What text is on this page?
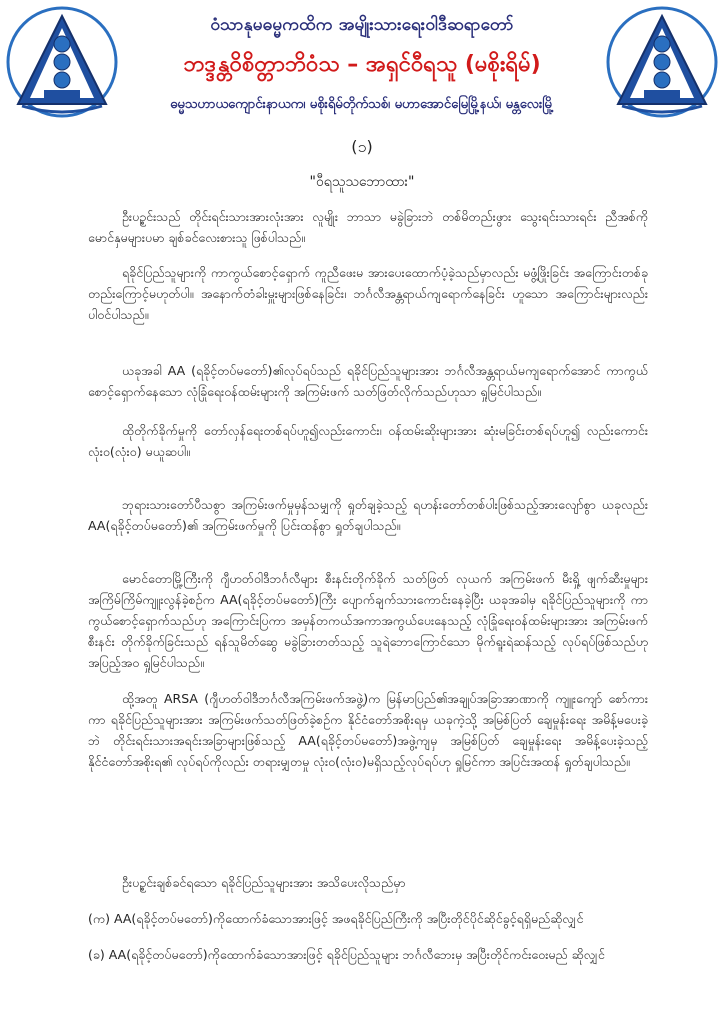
ဝံသာနုမဓမ္မကထိက အမျိုးသားရေးဝါဒီဆရာတော်
ဘဒ္ဒန္တဝိစိတ္တာဘိဝံသ – အရှင်ဝီရသူ (မစိုးရိမ်)
ဓမ္မသဟာယကျောင်းနာယက၊ မစိုးရိမ်တိုက်သစ်၊ မဟာအောင်မြေမြို့နယ်၊ မန္တလေးမြို့
(၁)
"ဝီရသူသဘောထား"
ဦးပဥ္စင်းသည် တိုင်းရင်းသားအားလုံးအား လူမျိုး ဘာသာ မခွဲခြားဘဲ တစ်မိတည်းဖွား သွေးရင်းသားရင်း ညီအစ်ကို မောင်နှမများပမာ ချစ်ခင်လေးစားသူ ဖြစ်ပါသည်။
ရခိုင်ပြည်သူများကို ကာကွယ်စောင့်ရှောက် ကူညီဖေးမ အားပေးထောက်ပံ့ခဲ့သည်မှာလည်း မဖွံ့ဖြိုးခြင်း အကြောင်းတစ်ခုတည်းကြောင့်မဟုတ်ပါ။ အနောက်တံခါးမှူးများဖြစ်နေခြင်း၊ ဘင်္ဂလီအန္တရာယ်ကျရောက်နေခြင်း ဟူသော အကြောင်းများလည်း ပါဝင်ပါသည်။
ယခုအခါ AA (ရခိုင့်တပ်မတော်)၏လုပ်ရပ်သည် ရခိုင်ပြည်သူများအား ဘင်္ဂလီအန္တရာယ်မကျရောက်အောင် ကာကွယ်စောင့်ရှောက်နေသော လုံခြုံရေးဝန်ထမ်းများကို အကြမ်းဖက် သတ်ဖြတ်လိုက်သည်ဟုသာ ရှုမြင်ပါသည်။
ထိုတိုက်ခိုက်မှုကို တော်လှန်ရေးတစ်ရပ်ဟူ၍လည်းကောင်း၊ ဝန်ထမ်းဆိုးများအား ဆုံးမခြင်းတစ်ရပ်ဟူ၍ လည်းကောင်း လုံးဝ(လုံးဝ) မယူဆပါ။
ဘုရားသားတော်ပီသစွာ အကြမ်းဖက်မှုမှန်သမျှကို ရှုတ်ချခဲ့သည့် ရဟန်းတော်တစ်ပါးဖြစ်သည့်အားလျော်စွာ ယခုလည်း AA(ရခိုင့်တပ်မတော်)၏ အကြမ်းဖက်မှုကို ပြင်းထန်စွာ ရှုတ်ချပါသည်။
မောင်တောမြို့ကြီးကို ဂျီဟတ်ဝါဒီဘင်္ဂလီများ စီးနင်းတိုက်ခိုက် သတ်ဖြတ် လုယက် အကြမ်းဖက် မီးရှို့ ဖျက်ဆီးမှုများ အကြိမ်ကြိမ်ကျူးလွန်ခဲ့စဉ်က AA(ရခိုင့်တပ်မတော်)ကြီး ပျောက်ချက်သားကောင်းနေခဲ့ပြီး ယခုအခါမှ ရခိုင်ပြည်သူများကို ကာကွယ်စောင့်ရှောက်သည်ဟု အကြောင်းပြကာ အမှန်တကယ်အကာအကွယ်ပေးနေသည့် လုံခြုံရေးဝန်ထမ်းများအား အကြမ်းဖက်စီးနင်း တိုက်ခိုက်ခြင်းသည် ရန်သူမိတ်ဆွေ မခွဲခြားတတ်သည့် သူရဲဘောကြောင်သော မိုက်ရူးရဲဆန်သည့် လုပ်ရပ်ဖြစ်သည်ဟု အပြည့်အဝ ရှုမြင်ပါသည်။
ထို့အတူ ARSA (ဂျီဟတ်ဝါဒီဘင်္ဂလီအကြမ်းဖက်အဖွဲ့)က မြန်မာပြည်၏အချုပ်အခြာအာဏာကို ကျူးကျော် စော်ကားကာ ရခိုင်ပြည်သူများအား အကြမ်းဖက်သတ်ဖြတ်ခဲ့စဉ်က နိုင်ငံတော်အစိုးရမှ ယခုကဲ့သို့ အမြစ်ပြတ် ချေမှုန်းရေး အမိန့်မပေးခဲ့ဘဲ တိုင်းရင်းသားအရင်းအခြာများဖြစ်သည့် AA(ရခိုင့်တပ်မတော်)အဖွဲ့ကျမှ အမြစ်ပြတ် ချေမှုန်းရေး အမိန့်ပေးခဲ့သည့် နိုင်ငံတော်အစိုးရ၏ လုပ်ရပ်ကိုလည်း တရားမျှတမှု လုံးဝ(လုံးဝ)မရှိသည့်လုပ်ရပ်ဟု ရှုမြင်ကာ အပြင်းအထန် ရှုတ်ချပါသည်။
ဦးပဥ္စင်းချစ်ခင်ရသော ရခိုင်ပြည်သူများအား အသိပေးလိုသည်မှာ
(က) AA(ရခိုင့်တပ်မတော်)ကိုထောက်ခံသောအားဖြင့် အဖရခိုင်ပြည်ကြီးကို အပြီးတိုင်ပိုင်ဆိုင်ခွင့်ရရှိမည်ဆိုလျှင်
(ခ) AA(ရခိုင့်တပ်မတော်)ကိုထောက်ခံသောအားဖြင့် ရခိုင်ပြည်သူများ ဘင်္ဂလီဘေးမှ အပြီးတိုင်ကင်းဝေးမည် ဆိုလျှင်
